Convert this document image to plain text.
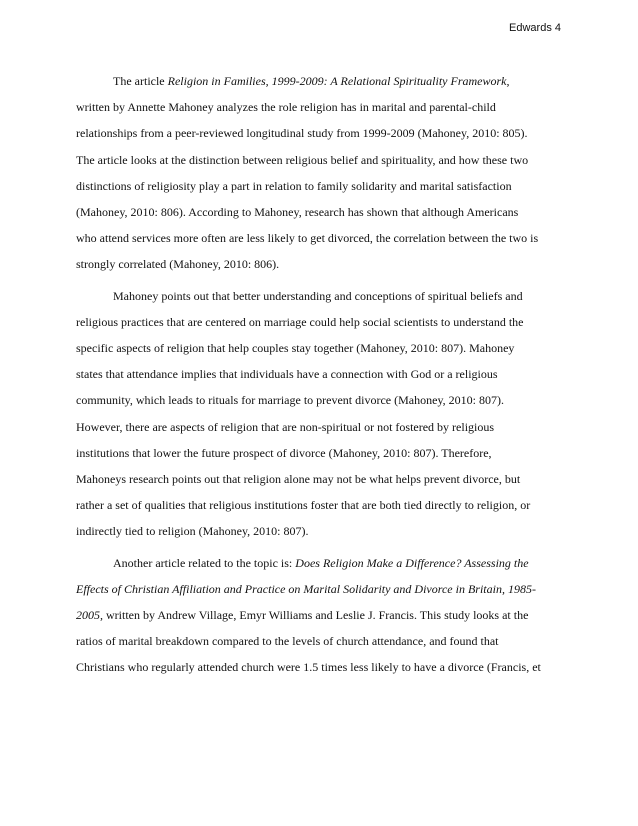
Edwards 4

The article Religion in Families, 1999-2009: A Relational Spirituality Framework,
written by Annette Mahoney analyzes the role religion has in marital and parental-child
relationships from a peer-reviewed longitudinal study from 1999-2009 (Mahoney, 2010: 805).
The article looks at the distinction between religious belief and spirituality, and how these two
distinctions of religiosity play a part in relation to family solidarity and marital satisfaction
(Mahoney, 2010: 806). According to Mahoney, research has shown that although Americans
who attend services more often are less likely to get divorced, the correlation between the two is
strongly correlated (Mahoney, 2010: 806).

Mahoney points out that better understanding and conceptions of spiritual beliefs and
religious practices that are centered on marriage could help social scientists to understand the
specific aspects of religion that help couples stay together (Mahoney, 2010: 807). Mahoney
states that attendance implies that individuals have a connection with God or a religious
community, which leads to rituals for marriage to prevent divorce (Mahoney, 2010: 807).
However, there are aspects of religion that are non-spiritual or not fostered by religious
institutions that lower the future prospect of divorce (Mahoney, 2010: 807). Therefore,
Mahoneys research points out that religion alone may not be what helps prevent divorce, but
rather a set of qualities that religious institutions foster that are both tied directly to religion, or
indirectly tied to religion (Mahoney, 2010: 807).

Another article related to the topic is: Does Religion Make a Difference? Assessing the
Effects of Christian Affiliation and Practice on Marital Solidarity and Divorce in Britain, 1985-
2005, written by Andrew Village, Emyr Williams and Leslie J. Francis. This study looks at the
ratios of marital breakdown compared to the levels of church attendance, and found that
Christians who regularly attended church were 1.5 times less likely to have a divorce (Francis, et
